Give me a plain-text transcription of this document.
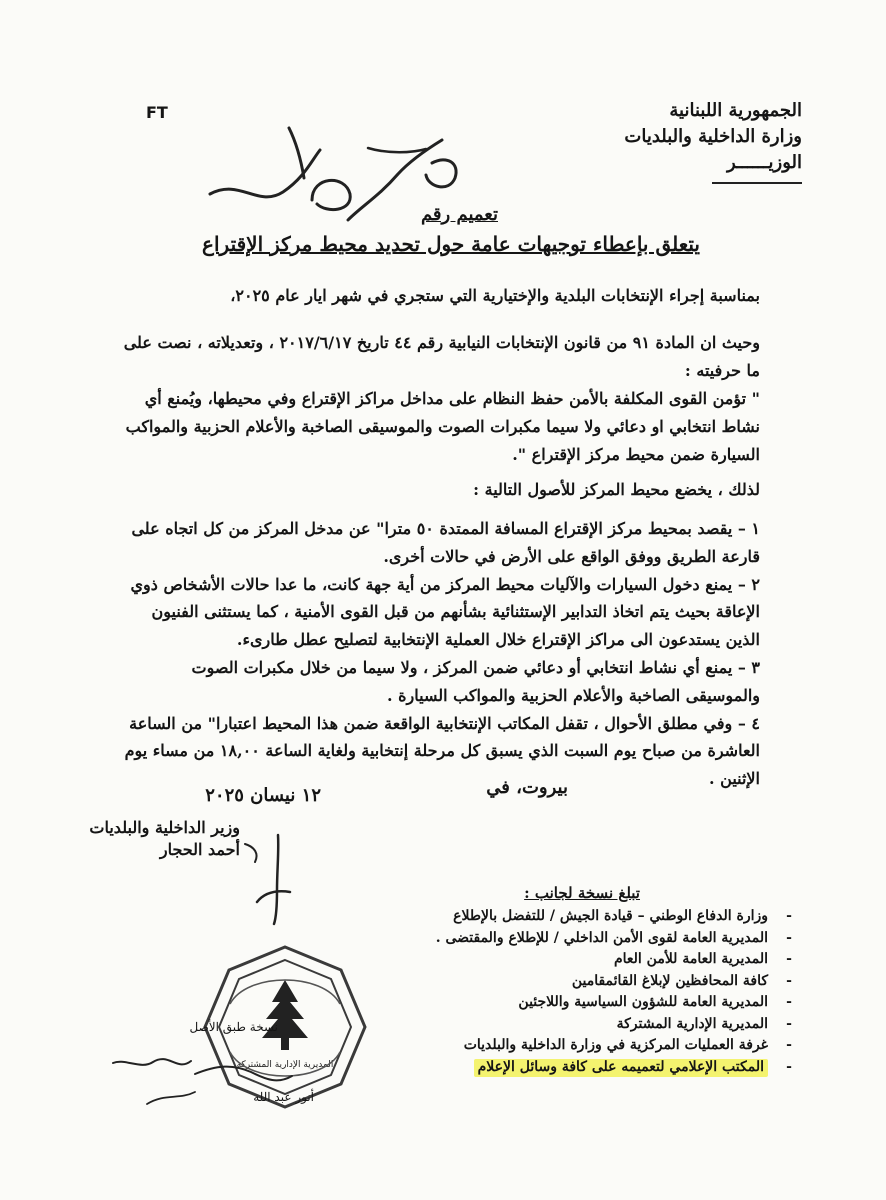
FT	الجمهورية اللبنانية
وزارة الداخلية والبلديات
الوزيــــــر
تعميم رقم
يتعلق بإعطاء توجيهات عامة حول تحديد محيط مركز الإقتراع
بمناسبة إجراء الإنتخابات البلدية والإختيارية التي ستجري في شهر ايار عام ٢٠٢٥،
وحيث ان المادة ٩١ من قانون الإنتخابات النيابية رقم ٤٤ تاريخ ٢٠١٧/٦/١٧ ، وتعديلاته ، نصت على ما حرفيته :
" تؤمن القوى المكلفة بالأمن حفظ النظام على مداخل مراكز الإقتراع وفي محيطها، ويُمنع أي نشاط انتخابي او دعائي ولا سيما مكبرات الصوت والموسيقى الصاخبة والأعلام الحزبية والمواكب السيارة ضمن محيط مركز الإقتراع ".
لذلك ، يخضع محيط المركز للأصول التالية :
١ – يقصد بمحيط مركز الإقتراع المسافة الممتدة ٥٠ مترا" عن مدخل المركز من كل اتجاه على قارعة الطريق ووفق الواقع على الأرض في حالات أخرى.
٢ – يمنع دخول السيارات والآليات محيط المركز من أية جهة كانت، ما عدا حالات الأشخاص ذوي الإعاقة بحيث يتم اتخاذ التدابير الإستثنائية بشأنهم من قبل القوى الأمنية ، كما يستثنى الفنيون الذين يستدعون الى مراكز الإقتراع خلال العملية الإنتخابية لتصليح عطل طارىء.
٣ – يمنع أي نشاط انتخابي أو دعائي ضمن المركز ، ولا سيما من خلال مكبرات الصوت والموسيقى الصاخبة والأعلام الحزبية والمواكب السيارة .
٤ – وفي مطلق الأحوال ، تقفل المكاتب الإنتخابية الواقعة ضمن هذا المحيط اعتبارا" من الساعة العاشرة من صباح يوم السبت الذي يسبق كل مرحلة إنتخابية ولغاية الساعة ١٨,٠٠ من مساء يوم الإثنين .
بيروت، في
١٢ نيسان ٢٠٢٥
وزير الداخلية والبلديات
أحمد الحجار
تبلغ نسخة لجانب :
-
وزارة الدفاع الوطني – قيادة الجيش / للتفضل بالإطلاع
-
المديرية العامة لقوى الأمن الداخلي / للإطلاع والمقتضى .
-
المديرية العامة للأمن العام
-
كافة المحافظين لإبلاغ القائمقامين
-
المديرية العامة للشؤون السياسية واللاجئين
-
المديرية الإدارية المشتركة
-
غرفة العمليات المركزية في وزارة الداخلية والبلديات
-
المكتب الإعلامي لتعميمه على كافة وسائل الإعلام
المديرية الإدارية المشتركة
نسخة طبق الأصل
أنور عبد الله
